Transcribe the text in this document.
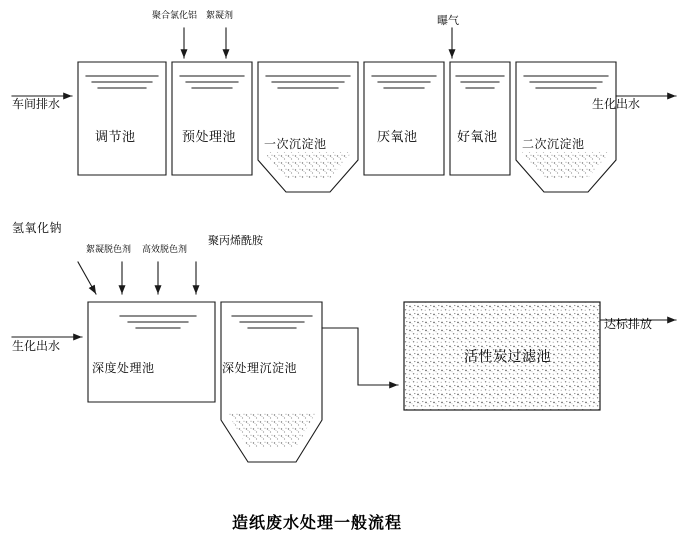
车间排水	生化出水
聚合氯化铝 絮凝剂	曝气
调节池	预处理池 一次沉淀池	厌氧池	好氧池 二次沉淀池
生化出水
达标排放
氢氧化钠
絮凝脱色剂 高效脱色剂
聚丙烯酰胺
深度处理池	深处理沉淀池
活性炭过滤池
造纸废水处理一般流程
